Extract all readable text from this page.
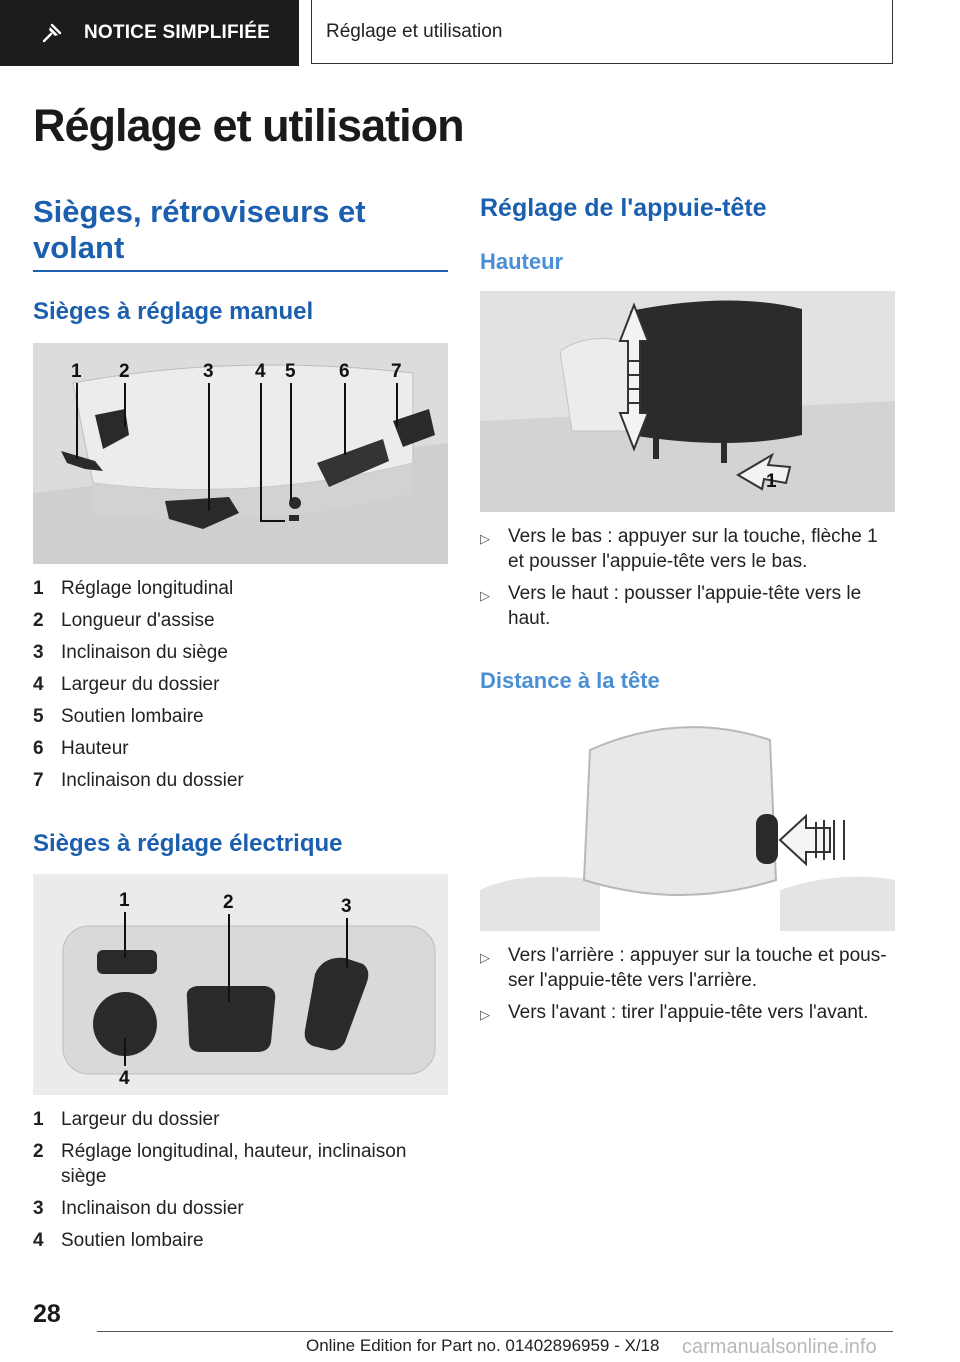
NOTICE SIMPLIFIÉE	Réglage et utilisation
Réglage et utilisation

Sièges, rétroviseurs et volant

Sièges à réglage manuel

1 2	3 4 5 6 7
1 Réglage longitudinal
2 Longueur d'assise
3 Inclinaison du siège
4 Largeur du dossier
5 Soutien lombaire
6 Hauteur
7 Inclinaison du dossier

Sièges à réglage électrique

1	2	3
4
1 Largeur du dossier
2 Réglage longitudinal, hauteur, inclinaison siège
3 Inclinaison du dossier
4 Soutien lombaire

Réglage de l'appuie-tête

Hauteur

1
▷ Vers le bas : appuyer sur la touche, flèche 1 et pousser l'appuie-tête vers le bas.
▷ Vers le haut : pousser l'appuie-tête vers le haut.

Distance à la tête

▷ Vers l'arrière : appuyer sur la touche et pous-ser l'appuie-tête vers l'arrière.
▷ Vers l'avant : tirer l'appuie-tête vers l'avant.
28
Online Edition for Part no. 01402896959 - X/18 carmanualsonline.info
